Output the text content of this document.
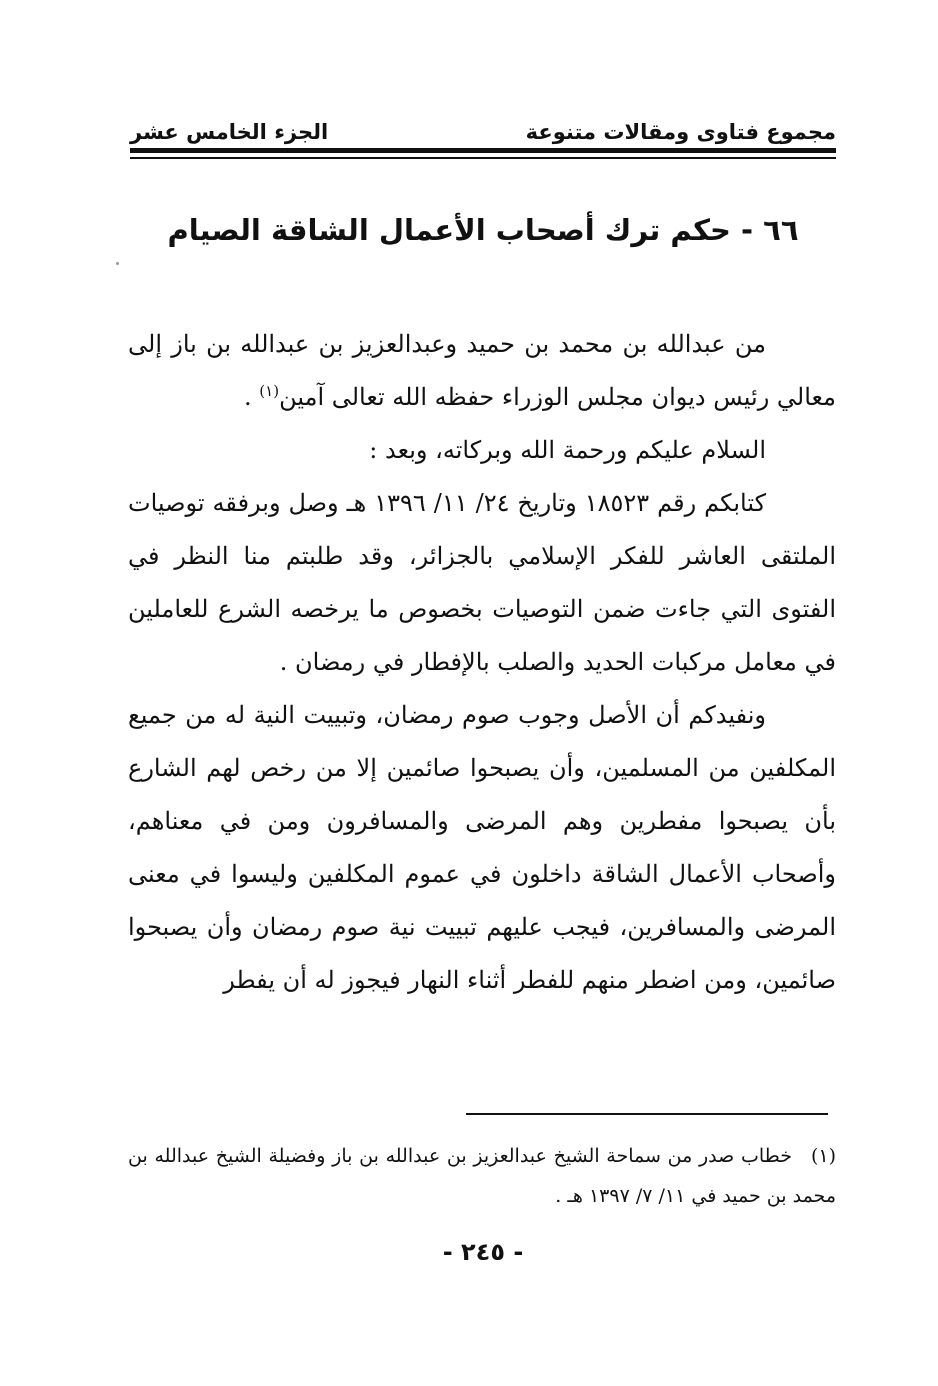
مجموع فتاوى ومقالات متنوعة
الجزء الخامس عشر
٦٦ - حكم ترك أصحاب الأعمال الشاقة الصيام

من عبدالله بن محمد بن حميد وعبدالعزيز بن عبدالله بن باز إلى معالي رئيس ديوان مجلس الوزراء حفظه الله تعالى آمين$^{(١)}$ .

السلام عليكم ورحمة الله وبركاته، وبعد :

كتابكم رقم ١٨٥٢٣ وتاريخ ٢٤/ ١١/ ١٣٩٦ هـ وصل وبرفقه توصيات الملتقى العاشر للفكر الإسلامي بالجزائر، وقد طلبتم منا النظر في الفتوى التي جاءت ضمن التوصيات بخصوص ما يرخصه الشرع للعاملين في معامل مركبات الحديد والصلب بالإفطار في رمضان .

ونفيدكم أن الأصل وجوب صوم رمضان، وتبييت النية له من جميع المكلفين من المسلمين، وأن يصبحوا صائمين إلا من رخص لهم الشارع بأن يصبحوا مفطرين وهم المرضى والمسافرون ومن في معناهم، وأصحاب الأعمال الشاقة داخلون في عموم المكلفين وليسوا في معنى المرضى والمسافرين، فيجب عليهم تبييت نية صوم رمضان وأن يصبحوا صائمين، ومن اضطر منهم للفطر أثناء النهار فيجوز له أن يفطر

(١)خطاب صدر من سماحة الشيخ عبدالعزيز بن عبدالله بن باز وفضيلة الشيخ عبدالله بن محمد بن حميد في ١١/ ٧/ ١٣٩٧ هـ .

- ٢٤٥ -
